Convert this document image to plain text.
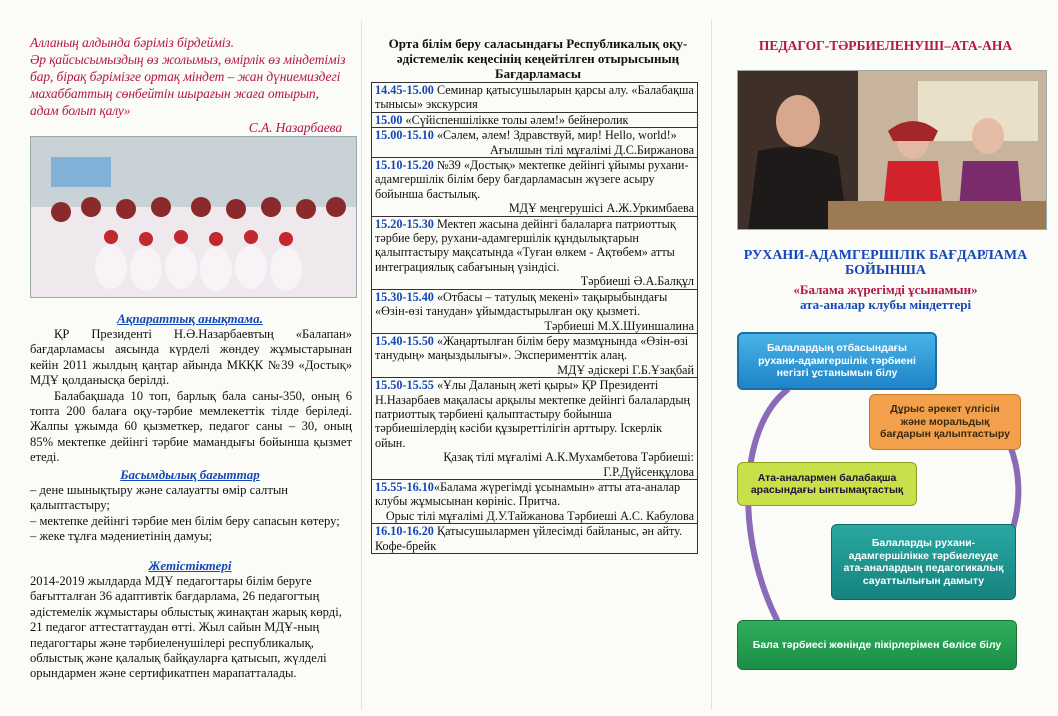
Алланың алдында бәріміз бірдейміз.
Әр қайсысымыздың өз жолымыз, өмірлік өз міндетіміз бар, бірақ бәрімізге ортақ міндет – жан дүниемиздегі махаббаттың сөнбейтін шырағын жаға отырып, адам болып қалу»
С.А. Назарбаева
Ақпараттық анықтама.

ҚР Президенті Н.Ә.Назарбаевтың «Балапан» бағдарламасы аясында күрделі жөндеу жұмыстарынан кейін 2011 жылдың қаңтар айында МКҚК №39 «Достық» МДҰ қолданысқа берілді.

Балабақшада 10 топ, барлық бала саны-350, оның 6 топта 200 балаға оқу-тәрбие мемлекеттік тілде беріледі. Жалпы ұжымда 60 қызметкер, педагог саны – 30, оның 85% мектепке дейінгі тәрбие мамандығы бойынша қызмет етеді.

Басымдылық бағыттар
– дене шынықтыру және салауатты өмір салтын қалыптастыру;
– мектепке дейінгі тәрбие мен білім беру сапасын көтеру;
– жеке тұлға мәдениетінің дамуы;
Жетістіктері
2014-2019 жылдарда МДҰ педагогтары білім беруге бағытталған 36 адаптивтік бағдарлама, 26 педагогтың әдістемелік жұмыстары облыстық жинақтан жарық көрді, 21 педагог аттестаттаудан өтті. Жыл сайын МДҰ-ның педагогтары және тәрбиеленушілері республикалық, облыстық және қалалық байқауларға қатысып, жүлделі орындармен және сертификатпен марапатталады.
Орта білім беру саласындағы Республикалық оқу-әдістемелік кеңесінің кеңейтілген отырысының Бағдарламасы
14.45-15.00 Семинар қатысушыларын қарсы алу. «Балабақша тынысы» экскурсия
15.00 «Сүйіспеншілікке толы әлем!» бейнеролик
15.00-15.10 «Сәлем, әлем! Здравствуй, мир! Hello, world!»
Ағылшын тілі мұғалімі Д.С.Биржанова
15.10-15.20 №39 «Достық» мектепке дейінгі ұйымы рухани-адамгершілік білім беру бағдарламасын жүзеге асыру бойынша бастылық.
МДҰ меңгерушісі А.Ж.Уркимбаева
15.20-15.30 Мектеп жасына дейінгі балаларға патриоттық тәрбие беру, рухани-адамгершілік құндылықтарын қалыптастыру мақсатында «Туған өлкем - Ақтөбем» атты интеграциялық сабағының үзіндісі.
Тәрбиеші Ә.А.Балқұл
15.30-15.40 «Отбасы – татулық мекені» тақырыбындағы «Өзін-өзі танудан» ұйымдастырылған оқу қызметі.
Тәрбиеші М.Х.Шуиншалина
15.40-15.50 «Жаңартылған білім беру мазмұнында «Өзін-өзі танудың» маңыздылығы». Эксперименттік алаң.
МДҰ әдіскері Г.Б.Ұзақбай
15.50-15.55 «Ұлы Даланың жеті қыры» ҚР Президенті Н.Назарбаев мақаласы арқылы мектепке дейінгі балалардың патриоттық тәрбиені қалыптастыру бойынша тәрбиешілердің кәсіби құзыреттілігін арттыру. Іскерлік ойын.
Қазақ тілі мұғалімі А.К.Мухамбетова Тәрбиеші: Г.Р.Дүйсенқұлова
15.55-16.10«Балама жүрегімді ұсынамын» атты ата-аналар клубы жұмысынан көрініс. Притча.
Орыс тілі мұғалімі Д.У.Тайжанова Тәрбиеші А.С. Кабулова
16.10-16.20 Қатысушылармен үйлесімді байланыс, ән айту. Кофе-брейк
ПЕДАГОГ-ТӘРБИЕЛЕНУШІ–АТА-АНА
РУХАНИ-АДАМГЕРШІЛІК БАҒДАРЛАМА БОЙЫНША
«Балама жүрегімді ұсынамын»
ата-аналар клубы міндеттері
Балалардың отбасындағы рухани-адамгершілік тәрбиені негізгі ұстанымын білу
Дұрыс әрекет үлгісін және моральдық бағдарын қалыптастыру
Ата-аналармен балабақша арасындағы ынтымақтастық
Балаларды рухани-адамгершілікке тәрбиелеуде ата-аналардың педагогикалық сауаттылығын дамыту
Бала тәрбиесі жөнінде пікірлерімен бөлісе білу
